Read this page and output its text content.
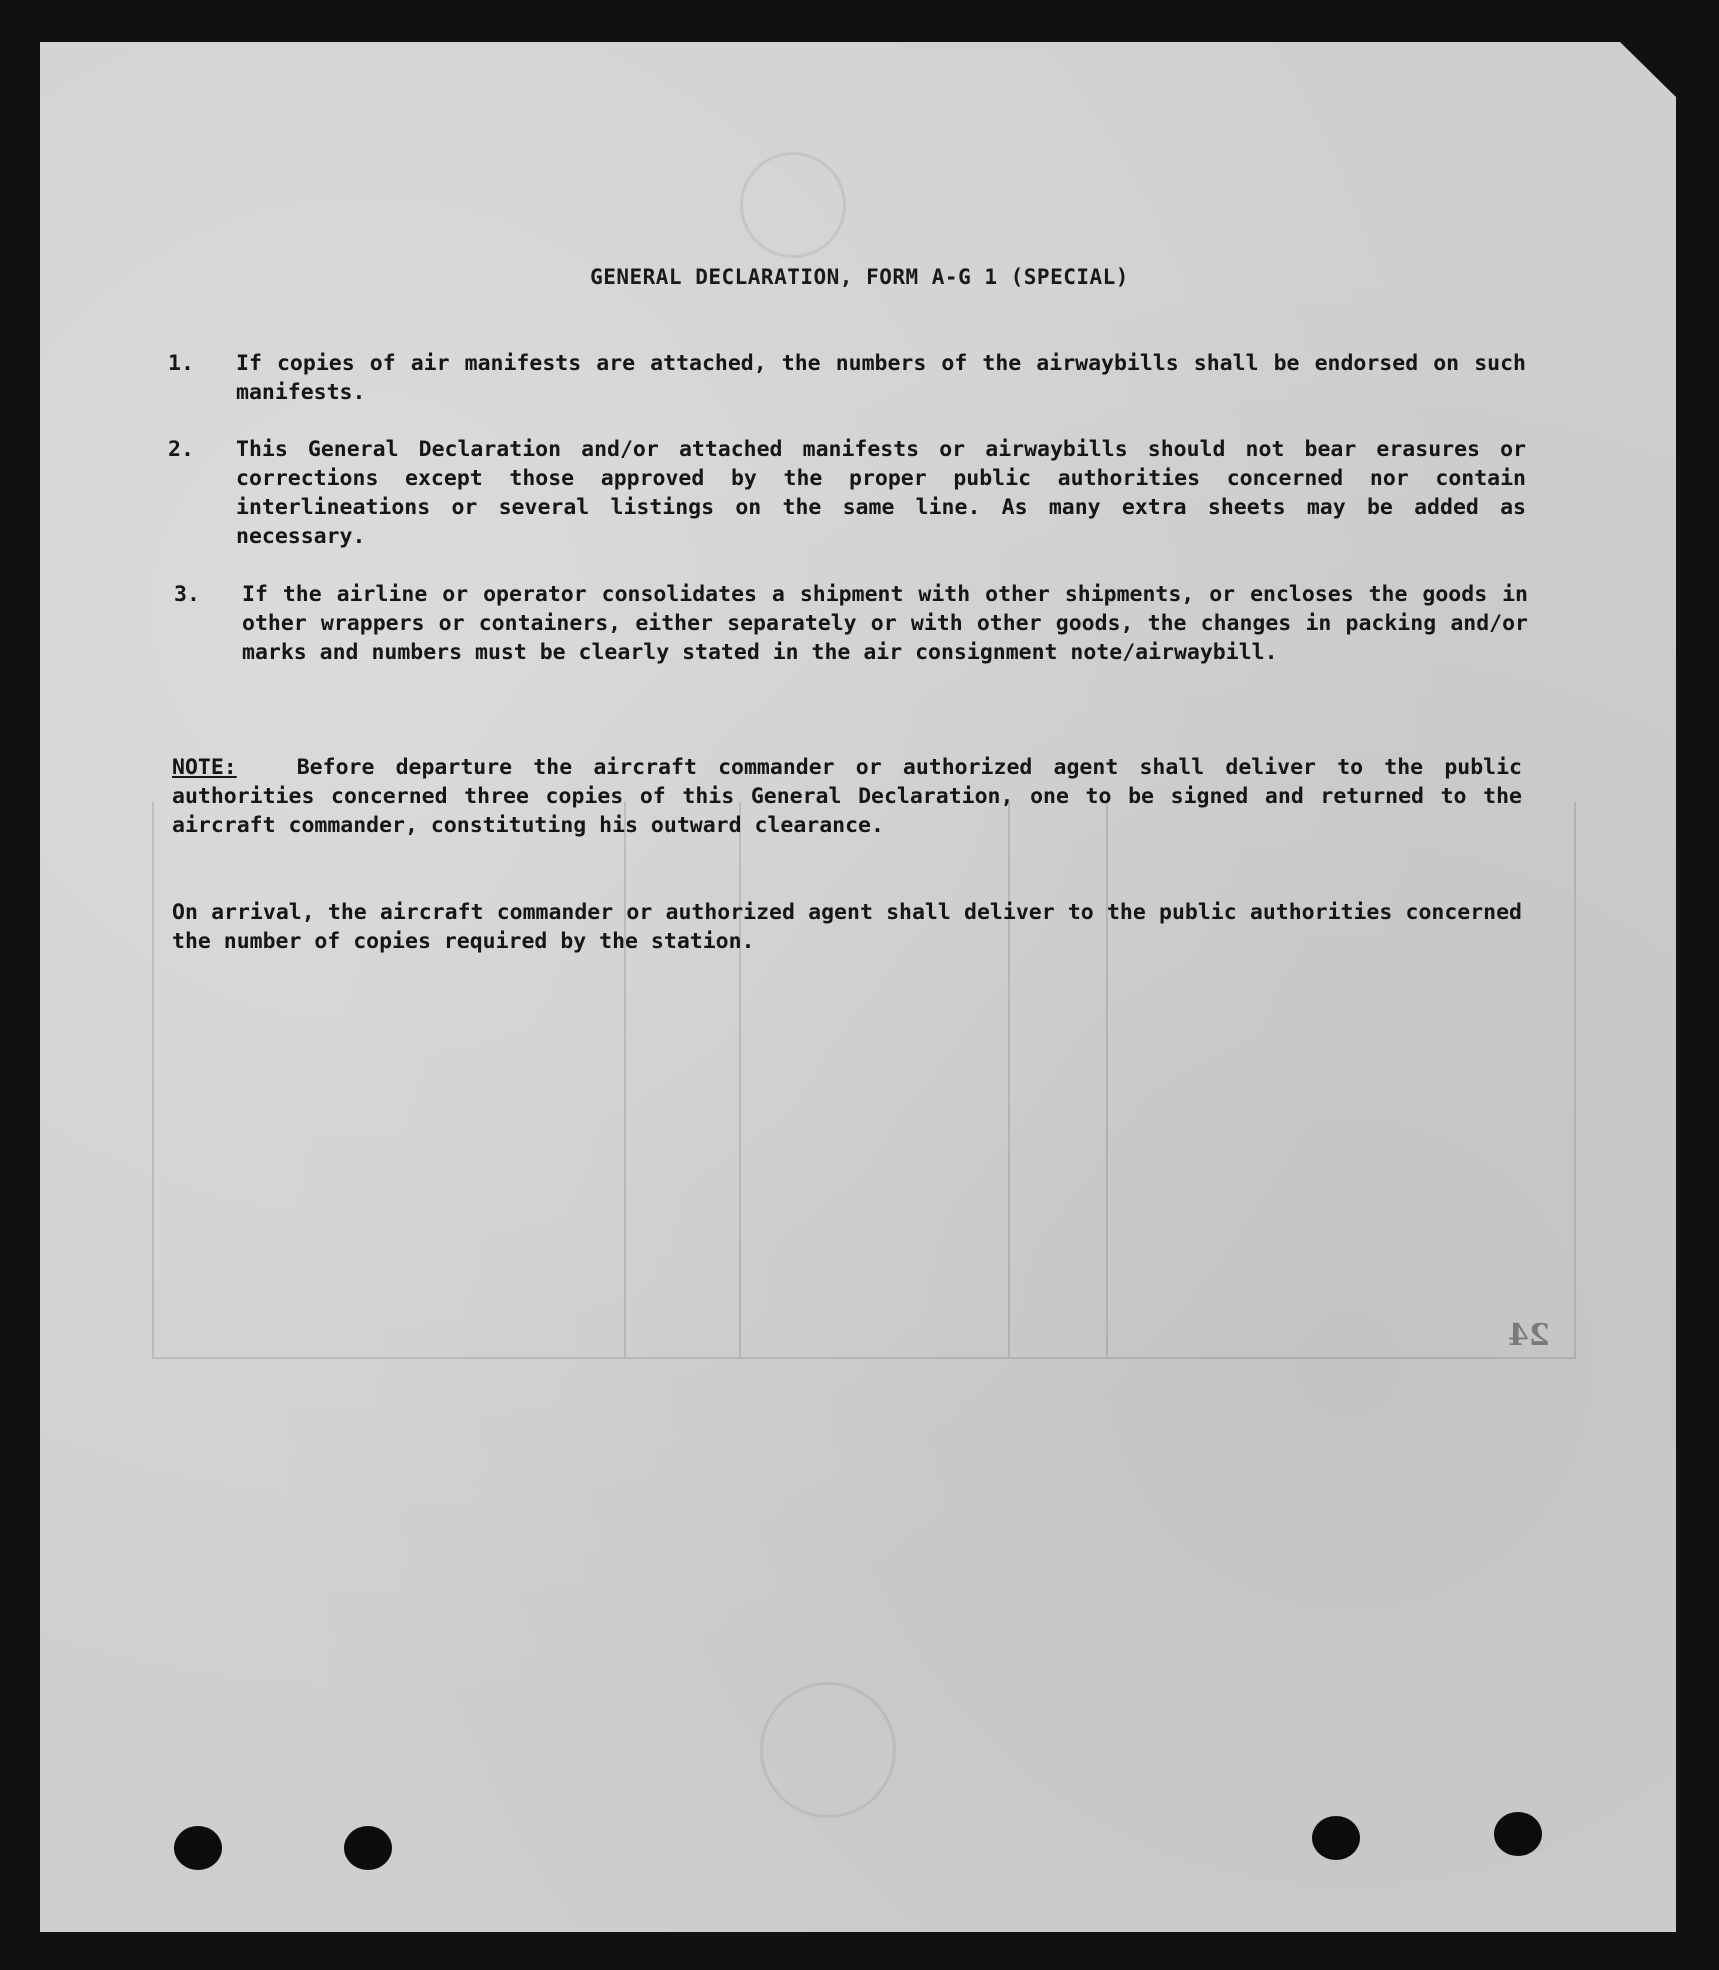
GENERAL DECLARATION, FORM A-G 1 (SPECIAL)
1. If copies of air manifests are attached, the numbers of the airwaybills shall be endorsed on such manifests.
2. This General Declaration and/or attached manifests or airwaybills should not bear erasures or corrections except those approved by the proper public authorities concerned nor contain interlineations or several listings on the same line. As many extra sheets may be added as necessary.
3. If the airline or operator consolidates a shipment with other shipments, or encloses the goods in other wrappers or containers, either separately or with other goods, the changes in packing and/or marks and numbers must be clearly stated in the air consignment note/airwaybill.
NOTE:	Before departure the aircraft commander or authorized agent shall deliver to the public authorities concerned three copies of this General Declaration, one to be signed and returned to the aircraft commander, constituting his outward clearance.
On arrival, the aircraft commander or authorized agent shall deliver to the public authorities concerned the number of copies required by the station.
24
